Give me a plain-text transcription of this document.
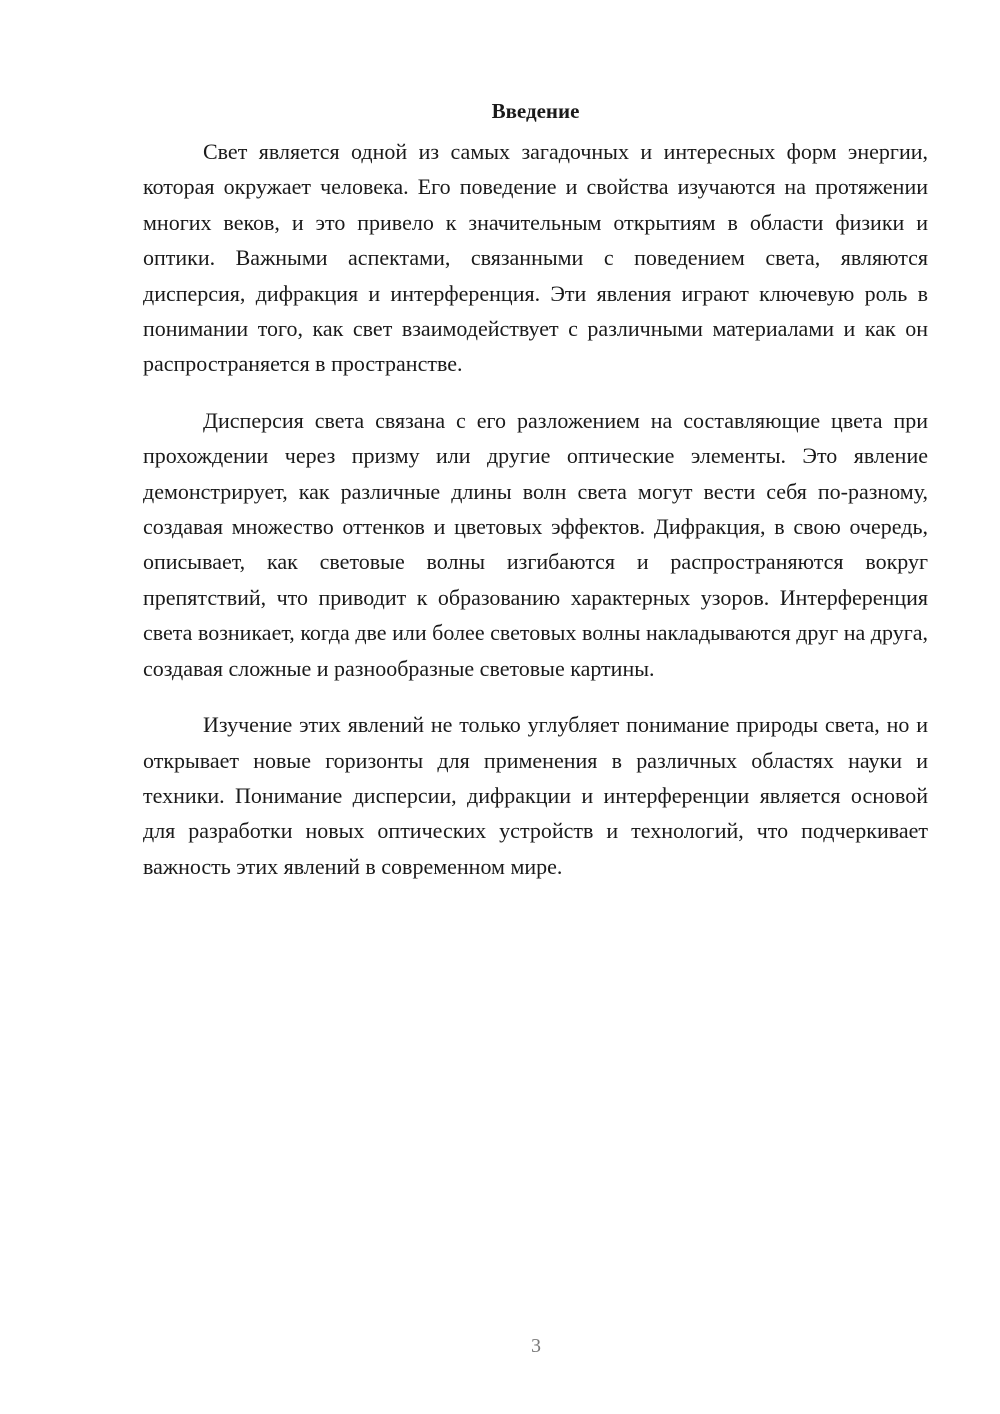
Введение

Свет является одной из самых загадочных и интересных форм энергии, которая окружает человека. Его поведение и свойства изучаются на протяжении многих веков, и это привело к значительным открытиям в области физики и оптики. Важными аспектами, связанными с поведением света, являются дисперсия, дифракция и интерференция. Эти явления играют ключевую роль в понимании того, как свет взаимодействует с различными материалами и как он распространяется в пространстве.

Дисперсия света связана с его разложением на составляющие цвета при прохождении через призму или другие оптические элементы. Это явление демонстрирует, как различные длины волн света могут вести себя по-разному, создавая множество оттенков и цветовых эффектов. Дифракция, в свою очередь, описывает, как световые волны изгибаются и распространяются вокруг препятствий, что приводит к образованию характерных узоров. Интерференция света возникает, когда две или более световых волны накладываются друг на друга, создавая сложные и разнообразные световые картины.

Изучение этих явлений не только углубляет понимание природы света, но и открывает новые горизонты для применения в различных областях науки и техники. Понимание дисперсии, дифракции и интерференции является основой для разработки новых оптических устройств и технологий, что подчеркивает важность этих явлений в современном мире.

3
